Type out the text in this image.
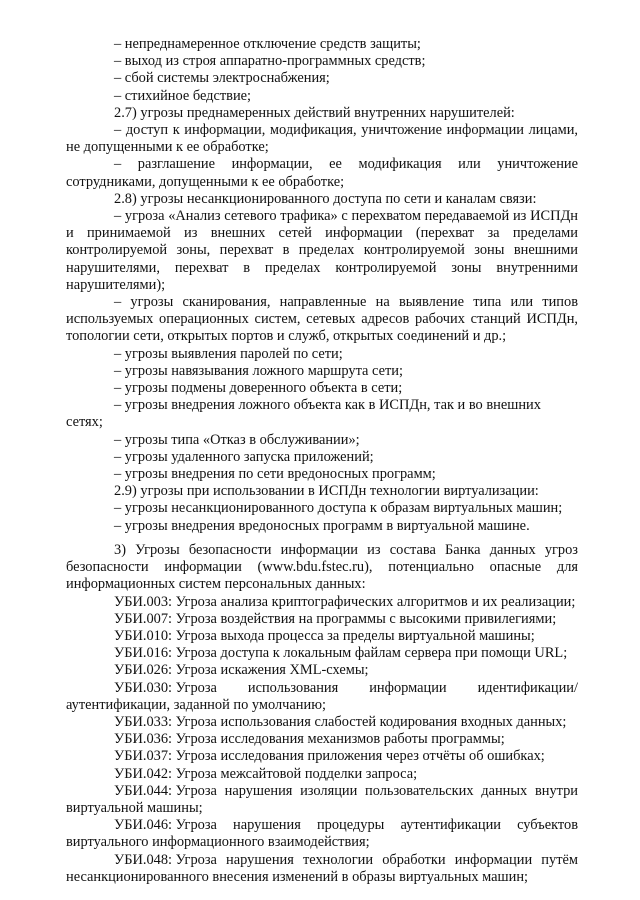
– непреднамеренное отключение средств защиты;

– выход из строя аппаратно-программных средств;

– сбой системы электроснабжения;

– стихийное бедствие;

2.7) угрозы преднамеренных действий внутренних нарушителей:

– доступ к информации, модификация, уничтожение информации лицами,

не допущенными к ее обработке;

– разглашение информации, ее модификация или уничтожение

сотрудниками, допущенными к ее обработке;

2.8) угрозы несанкционированного доступа по сети и каналам связи:

– угроза «Анализ сетевого трафика» с перехватом передаваемой из ИСПДн

и принимаемой из внешних сетей информации (перехват за пределами

контролируемой зоны, перехват в пределах контролируемой зоны внешними

нарушителями, перехват в пределах контролируемой зоны внутренними

нарушителями);

– угрозы сканирования, направленные на выявление типа или типов

используемых операционных систем, сетевых адресов рабочих станций ИСПДн,

топологии сети, открытых портов и служб, открытых соединений и др.;

– угрозы выявления паролей по сети;

– угрозы навязывания ложного маршрута сети;

– угрозы подмены доверенного объекта в сети;

– угрозы внедрения ложного объекта как в ИСПДн, так и во внешних сетях;

– угрозы типа «Отказ в обслуживании»;

– угрозы удаленного запуска приложений;

– угрозы внедрения по сети вредоносных программ;

2.9) угрозы при использовании в ИСПДн технологии виртуализации:

– угрозы несанкционированного доступа к образам виртуальных машин;

– угрозы внедрения вредоносных программ в виртуальной машине.

3) Угрозы безопасности информации из состава Банка данных угроз

безопасности информации (www.bdu.fstec.ru), потенциально опасные для

информационных систем персональных данных:

УБИ.003: Угроза анализа криптографических алгоритмов и их реализации;
УБИ.007: Угроза воздействия на программы с высокими привилегиями;
УБИ.010: Угроза выхода процесса за пределы виртуальной машины;
УБИ.016: Угроза доступа к локальным файлам сервера при помощи URL;
УБИ.026: Угроза искажения XML-схемы;
УБИ.030: Угроза использования информации идентификации/

аутентификации, заданной по умолчанию;

УБИ.033: Угроза использования слабостей кодирования входных данных;
УБИ.036: Угроза исследования механизмов работы программы;
УБИ.037: Угроза исследования приложения через отчёты об ошибках;
УБИ.042: Угроза межсайтовой подделки запроса;
УБИ.044: Угроза нарушения изоляции пользовательских данных внутри

виртуальной машины;

УБИ.046: Угроза нарушения процедуры аутентификации субъектов

виртуального информационного взаимодействия;

УБИ.048: Угроза нарушения технологии обработки информации путём

несанкционированного внесения изменений в образы виртуальных машин;
